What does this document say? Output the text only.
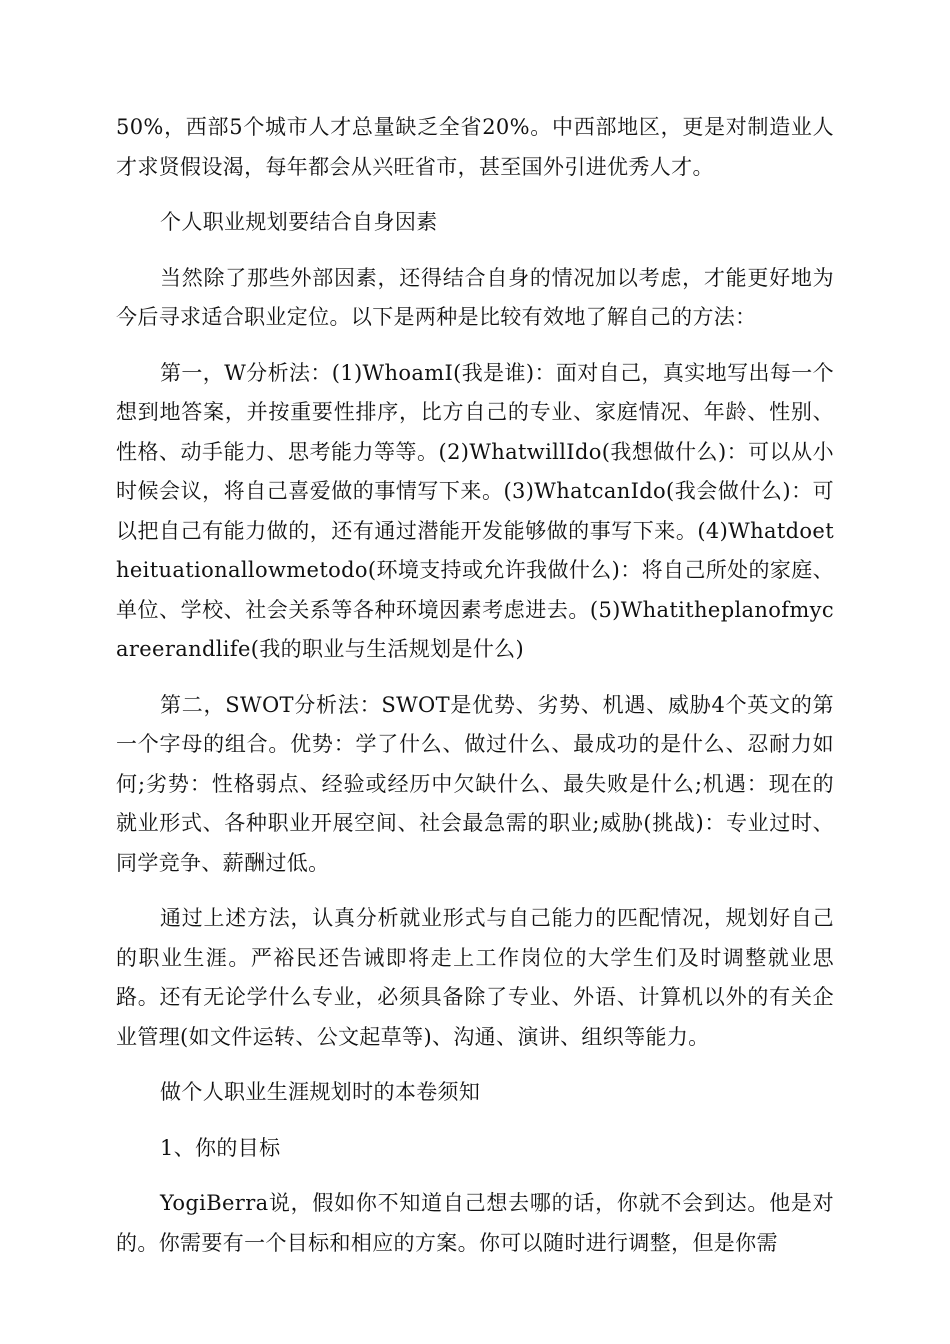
50%，西部5个城市人才总量缺乏全省20%。中西部地区，更是对制造业人才求贤假设渴，每年都会从兴旺省市，甚至国外引进优秀人才。

个人职业规划要结合自身因素

当然除了那些外部因素，还得结合自身的情况加以考虑，才能更好地为今后寻求适合职业定位。以下是两种是比较有效地了解自己的方法：

第一，W分析法：(1)WhoamI(我是谁)：面对自己，真实地写出每一个想到地答案，并按重要性排序，比方自己的专业、家庭情况、年龄、性别、性格、动手能力、思考能力等等。(2)WhatwillIdo(我想做什么)：可以从小时候会议，将自己喜爱做的事情写下来。(3)WhatcanIdo(我会做什么)：可以把自己有能力做的，还有通过潜能开发能够做的事写下来。(4)Whatdoetheituationallowmetodo(环境支持或允许我做什么)：将自己所处的家庭、单位、学校、社会关系等各种环境因素考虑进去。(5)Whatitheplanofmycareerandlife(我的职业与生活规划是什么)

第二，SWOT分析法：SWOT是优势、劣势、机遇、威胁4个英文的第一个字母的组合。优势：学了什么、做过什么、最成功的是什么、忍耐力如何;劣势：性格弱点、经验或经历中欠缺什么、最失败是什么;机遇：现在的就业形式、各种职业开展空间、社会最急需的职业;威胁(挑战)：专业过时、同学竞争、薪酬过低。

通过上述方法，认真分析就业形式与自己能力的匹配情况，规划好自己的职业生涯。严裕民还告诫即将走上工作岗位的大学生们及时调整就业思路。还有无论学什么专业，必须具备除了专业、外语、计算机以外的有关企业管理(如文件运转、公文起草等)、沟通、演讲、组织等能力。

做个人职业生涯规划时的本卷须知

1、你的目标

YogiBerra说，假如你不知道自己想去哪的话，你就不会到达。他是对的。你需要有一个目标和相应的方案。你可以随时进行调整，但是你需
